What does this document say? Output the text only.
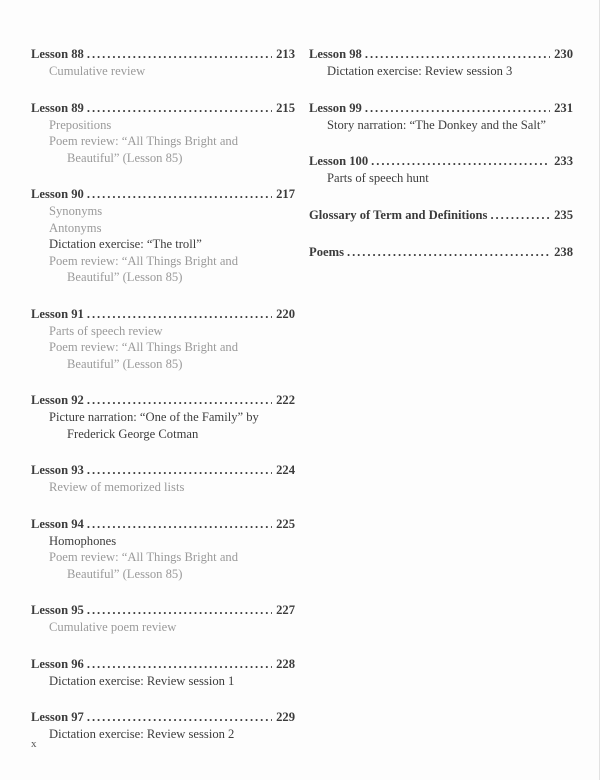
Lesson 88 . . .	213
Cumulative review
Lesson 89 . . .	215
Prepositions
Poem review: “All Things Bright and
Beautiful” (Lesson 85)
Lesson 90 . . .	217
Synonyms
Antonyms
Dictation exercise: “The troll”
Poem review: “All Things Bright and
Beautiful” (Lesson 85)
Lesson 91 . . .	220
Parts of speech review
Poem review: “All Things Bright and
Beautiful” (Lesson 85)
Lesson 92 . . .	222
Picture narration: “One of the Family” by
Frederick George Cotman
Lesson 93 . . .	224
Review of memorized lists
Lesson 94 . . .	225
Homophones
Poem review: “All Things Bright and
Beautiful” (Lesson 85)
Lesson 95 . . .	227
Cumulative poem review
Lesson 96 . . .	228
Dictation exercise: Review session 1
Lesson 97 . . .	229
Dictation exercise: Review session 2
Lesson 98 . . .	230
Dictation exercise: Review session 3
Lesson 99 . . .	231
Story narration: “The Donkey and the Salt”
Lesson 100 . . .	233
Parts of speech hunt
Glossary of Term and Definitions . . .	235
Poems . . .	238
x
